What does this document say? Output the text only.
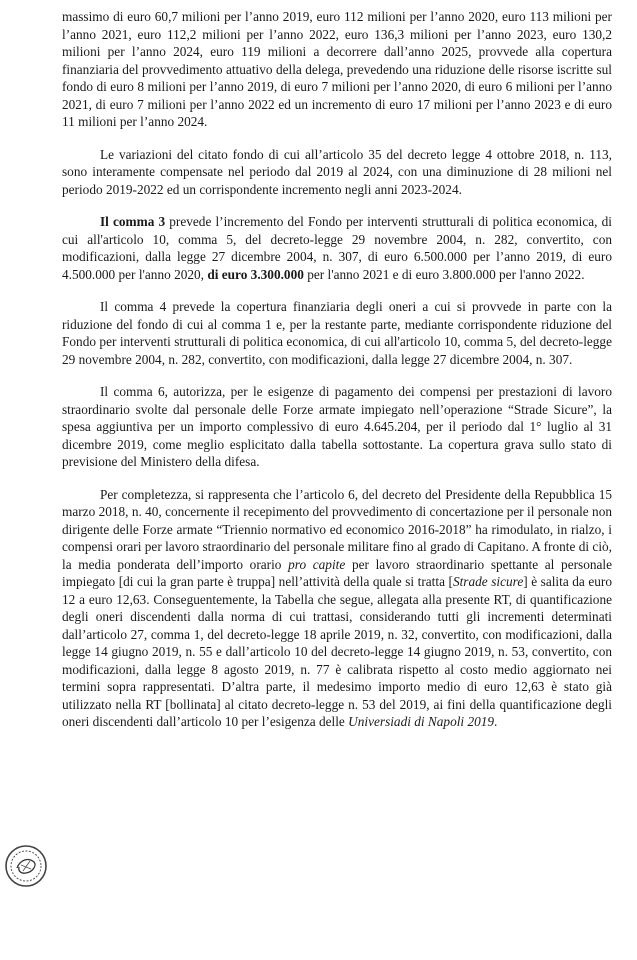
massimo di euro 60,7 milioni per l’anno 2019, euro 112 milioni per l’anno 2020, euro 113 milioni per l’anno 2021, euro 112,2 milioni per l’anno 2022, euro 136,3 milioni per l’anno 2023, euro 130,2 milioni per l’anno 2024, euro 119 milioni a decorrere dall’anno 2025, provvede alla copertura finanziaria del provvedimento attuativo della delega, prevedendo una riduzione delle risorse iscritte sul fondo di euro 8 milioni per l’anno 2019, di euro 7 milioni per l’anno 2020, di euro 6 milioni per l’anno 2021, di euro 7 milioni per l’anno 2022 ed un incremento di euro 17 milioni per l’anno 2023 e di euro 11 milioni per l’anno 2024.

Le variazioni del citato fondo di cui all’articolo 35 del decreto legge 4 ottobre 2018, n. 113, sono interamente compensate nel periodo dal 2019 al 2024, con una diminuzione di 28 milioni nel periodo 2019-2022 ed un corrispondente incremento negli anni 2023-2024.

Il comma 3 prevede l’incremento del Fondo per interventi strutturali di politica economica, di cui all'articolo 10, comma 5, del decreto-legge 29 novembre 2004, n. 282, convertito, con modificazioni, dalla legge 27 dicembre 2004, n. 307, di euro 6.500.000 per l’anno 2019, di euro 4.500.000 per l'anno 2020, di euro 3.300.000 per l'anno 2021 e di euro 3.800.000 per l'anno 2022.

Il comma 4 prevede la copertura finanziaria degli oneri a cui si provvede in parte con la riduzione del fondo di cui al comma 1 e, per la restante parte, mediante corrispondente riduzione del Fondo per interventi strutturali di politica economica, di cui all'articolo 10, comma 5, del decreto-legge 29 novembre 2004, n. 282, convertito, con modificazioni, dalla legge 27 dicembre 2004, n. 307.

Il comma 6, autorizza, per le esigenze di pagamento dei compensi per prestazioni di lavoro straordinario svolte dal personale delle Forze armate impiegato nell’operazione “Strade Sicure”, la spesa aggiuntiva per un importo complessivo di euro 4.645.204, per il periodo dal 1° luglio al 31 dicembre 2019, come meglio esplicitato dalla tabella sottostante. La copertura grava sullo stato di previsione del Ministero della difesa.

Per completezza, si rappresenta che l’articolo 6, del decreto del Presidente della Repubblica 15 marzo 2018, n. 40, concernente il recepimento del provvedimento di concertazione per il personale non dirigente delle Forze armate “Triennio normativo ed economico 2016-2018” ha rimodulato, in rialzo, i compensi orari per lavoro straordinario del personale militare fino al grado di Capitano. A fronte di ciò, la media ponderata dell’importo orario pro capite per lavoro straordinario spettante al personale impiegato [di cui la gran parte è truppa] nell’attività della quale si tratta [Strade sicure] è salita da euro 12 a euro 12,63. Conseguentemente, la Tabella che segue, allegata alla presente RT, di quantificazione degli oneri discendenti dalla norma di cui trattasi, considerando tutti gli incrementi determinati dall’articolo 27, comma 1, del decreto-legge 18 aprile 2019, n. 32, convertito, con modificazioni, dalla legge 14 giugno 2019, n. 55 e dall’articolo 10 del decreto-legge 14 giugno 2019, n. 53, convertito, con modificazioni, dalla legge 8 agosto 2019, n. 77 è calibrata rispetto al costo medio aggiornato nei termini sopra rappresentati. D’altra parte, il medesimo importo medio di euro 12,63 è stato già utilizzato nella RT [bollinata] al citato decreto-legge n. 53 del 2019, ai fini della quantificazione degli oneri discendenti dall’articolo 10 per l’esigenza delle Universiadi di Napoli 2019.
